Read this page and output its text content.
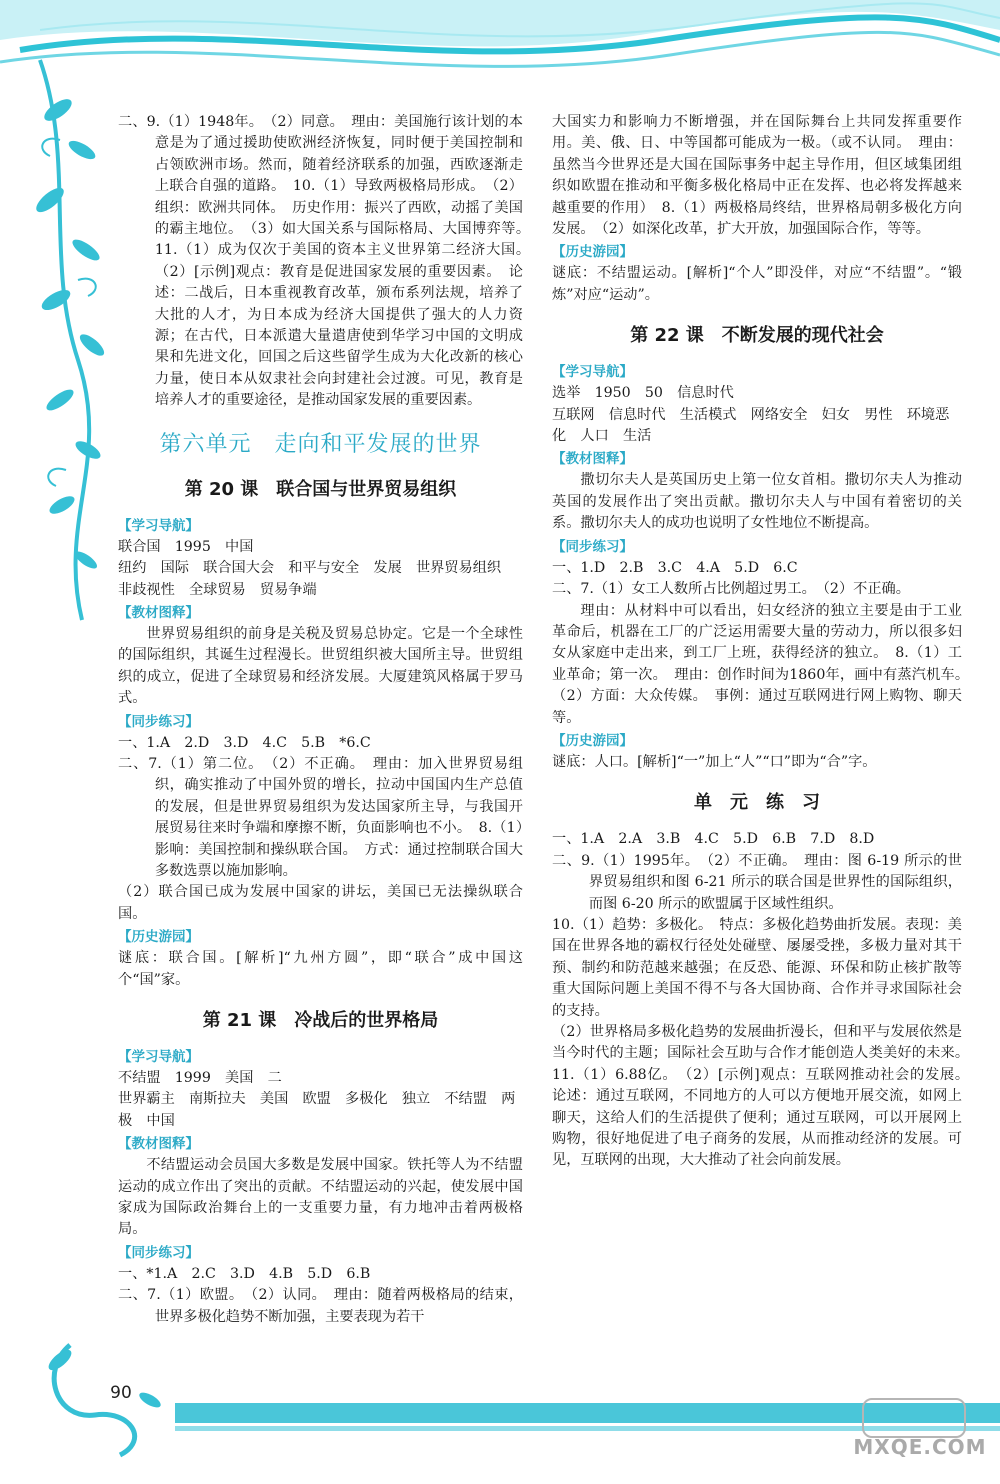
二、9.（1）1948年。　（2）同意。　理由：美国施行该计划的本意是为了通过援助使欧洲经济恢复，同时便于美国控制和占领欧洲市场。然而，随着经济联系的加强，西欧逐渐走上联合自强的道路。　10.（1）导致两极格局形成。　（2）组织：欧洲共同体。　历史作用：振兴了西欧，动摇了美国的霸主地位。　（3）如大国关系与国际格局、大国博弈等。　11.（1）成为仅次于美国的资本主义世界第二经济大国。　（2）[示例]观点：教育是促进国家发展的重要因素。　论述：二战后，日本重视教育改革，颁布系列法规，培养了大批的人才，为日本成为经济大国提供了强大的人力资源；在古代，日本派遣大量遣唐使到华学习中国的文明成果和先进文化，回国之后这些留学生成为大化改新的核心力量，使日本从奴隶社会向封建社会过渡。可见，教育是培养人才的重要途径，是推动国家发展的重要因素。

第六单元　走向和平发展的世界
第 20 课　联合国与世界贸易组织
【学习导航】

联合国　1995　中国

纽约　国际　联合国大会　和平与安全　发展　世界贸易组织　非歧视性　全球贸易　贸易争端

【教材图释】

世界贸易组织的前身是关税及贸易总协定。它是一个全球性的国际组织，其诞生过程漫长。世贸组织被大国所主导。世贸组织的成立，促进了全球贸易和经济发展。大厦建筑风格属于罗马式。

【同步练习】

一、1.A　2.D　3.D　4.C　5.B　*6.C

二、7.（1）第二位。　（2）不正确。　理由：加入世界贸易组织，确实推动了中国外贸的增长，拉动中国国内生产总值的发展，但是世界贸易组织为发达国家所主导，与我国开展贸易往来时争端和摩擦不断，负面影响也不小。　8.（1）影响：美国控制和操纵联合国。　方式：通过控制联合国大多数选票以施加影响。

（2）联合国已成为发展中国家的讲坛，美国已无法操纵联合国。

【历史游园】

谜底：联合国。[解析]“九州方圆”，即“联合”成中国这个“国”家。

第 21 课　冷战后的世界格局
【学习导航】

不结盟　1999　美国　二

世界霸主　南斯拉夫　美国　欧盟　多极化　独立　不结盟　两极　中国

【教材图释】

不结盟运动会员国大多数是发展中国家。铁托等人为不结盟运动的成立作出了突出的贡献。不结盟运动的兴起，使发展中国家成为国际政治舞台上的一支重要力量，有力地冲击着两极格局。

【同步练习】

一、*1.A　2.C　3.D　4.B　5.D　6.B

二、7.（1）欧盟。　（2）认同。　理由：随着两极格局的结束，世界多极化趋势不断加强，主要表现为若干

大国实力和影响力不断增强，并在国际舞台上共同发挥重要作用。美、俄、日、中等国都可能成为一极。（或不认同。　理由：虽然当今世界还是大国在国际事务中起主导作用，但区域集团组织如欧盟在推动和平衡多极化格局中正在发挥、也必将发挥越来越重要的作用）　8.（1）两极格局终结，世界格局朝多极化方向发展。　（2）如深化改革，扩大开放，加强国际合作，等等。

【历史游园】

谜底：不结盟运动。[解析]“个人”即没伴，对应“不结盟”。“锻炼”对应“运动”。

第 22 课　不断发展的现代社会
【学习导航】

选举　1950　50　信息时代

互联网　信息时代　生活模式　网络安全　妇女　男性　环境恶化　人口　生活

【教材图释】

撒切尔夫人是英国历史上第一位女首相。撒切尔夫人为推动英国的发展作出了突出贡献。撒切尔夫人与中国有着密切的关系。撒切尔夫人的成功也说明了女性地位不断提高。

【同步练习】

一、1.D　2.B　3.C　4.A　5.D　6.C

二、7.（1）女工人数所占比例超过男工。　（2）不正确。

理由：从材料中可以看出，妇女经济的独立主要是由于工业革命后，机器在工厂的广泛运用需要大量的劳动力，所以很多妇女从家庭中走出来，到工厂上班，获得经济的独立。　8.（1）工业革命；第一次。　理由：创作时间为1860年，画中有蒸汽机车。　（2）方面：大众传媒。　事例：通过互联网进行网上购物、聊天等。

【历史游园】

谜底：人口。[解析]“一”加上“人”“口”即为“合”字。

单　元　练　习

一、1.A　2.A　3.B　4.C　5.D　6.B　7.D　8.D

二、9.（1）1995年。　（2）不正确。　理由：图 6-19 所示的世界贸易组织和图 6-21 所示的联合国是世界性的国际组织，而图 6-20 所示的欧盟属于区域性组织。

10.（1）趋势：多极化。　特点：多极化趋势曲折发展。表现：美国在世界各地的霸权行径处处碰壁、屡屡受挫，多极力量对其干预、制约和防范越来越强；在反恐、能源、环保和防止核扩散等重大国际问题上美国不得不与各大国协商、合作并寻求国际社会的支持。

（2）世界格局多极化趋势的发展曲折漫长，但和平与发展依然是当今时代的主题；国际社会互助与合作才能创造人类美好的未来。　11.（1）6.88亿。　（2）[示例]观点：互联网推动社会的发展。　论述：通过互联网，不同地方的人可以方便地开展交流，如网上聊天，这给人们的生活提供了便利；通过互联网，可以开展网上购物，很好地促进了电子商务的发展，从而推动经济的发展。可见，互联网的出现，大大推动了社会向前发展。

90
MXQE.COM
